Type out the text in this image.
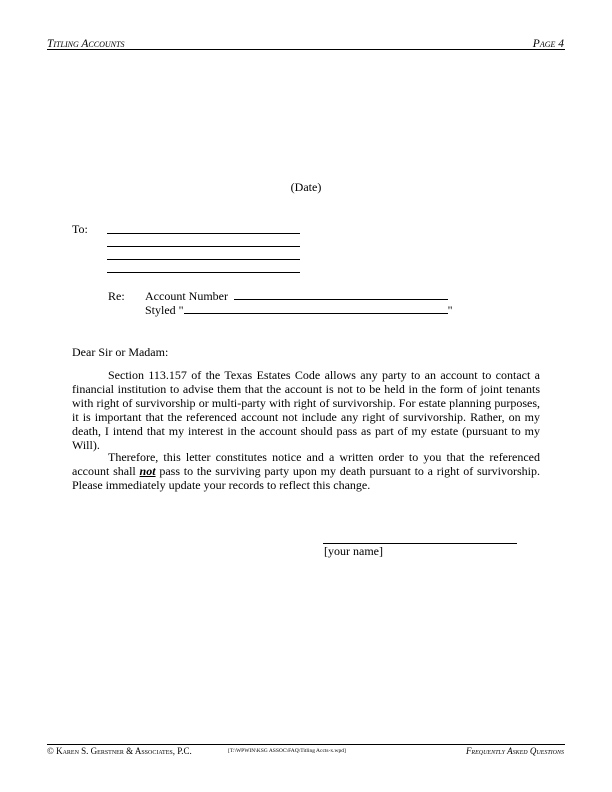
Titling Accounts	Page 4
(Date)
To:
Re: Account Number
Styled "	"
Dear Sir or Madam:

Section 113.157 of the Texas Estates Code allows any party to an account to contact a financial institution to advise them that the account is not to be held in the form of joint tenants with right of survivorship or multi-party with right of survivorship. For estate planning purposes, it is important that the referenced account not include any right of survivorship. Rather, on my death, I intend that my interest in the account should pass as part of my estate (pursuant to my Will).

Therefore, this letter constitutes notice and a written order to you that the referenced account shall not pass to the surviving party upon my death pursuant to a right of survivorship. Please immediately update your records to reflect this change.

[your name]
© Karen S. Gerstner & Associates, P.C.	[T:\WPWIN\KSG ASSOC\FAQ\Titling Accts-x.wpd]	Frequently Asked Questions
